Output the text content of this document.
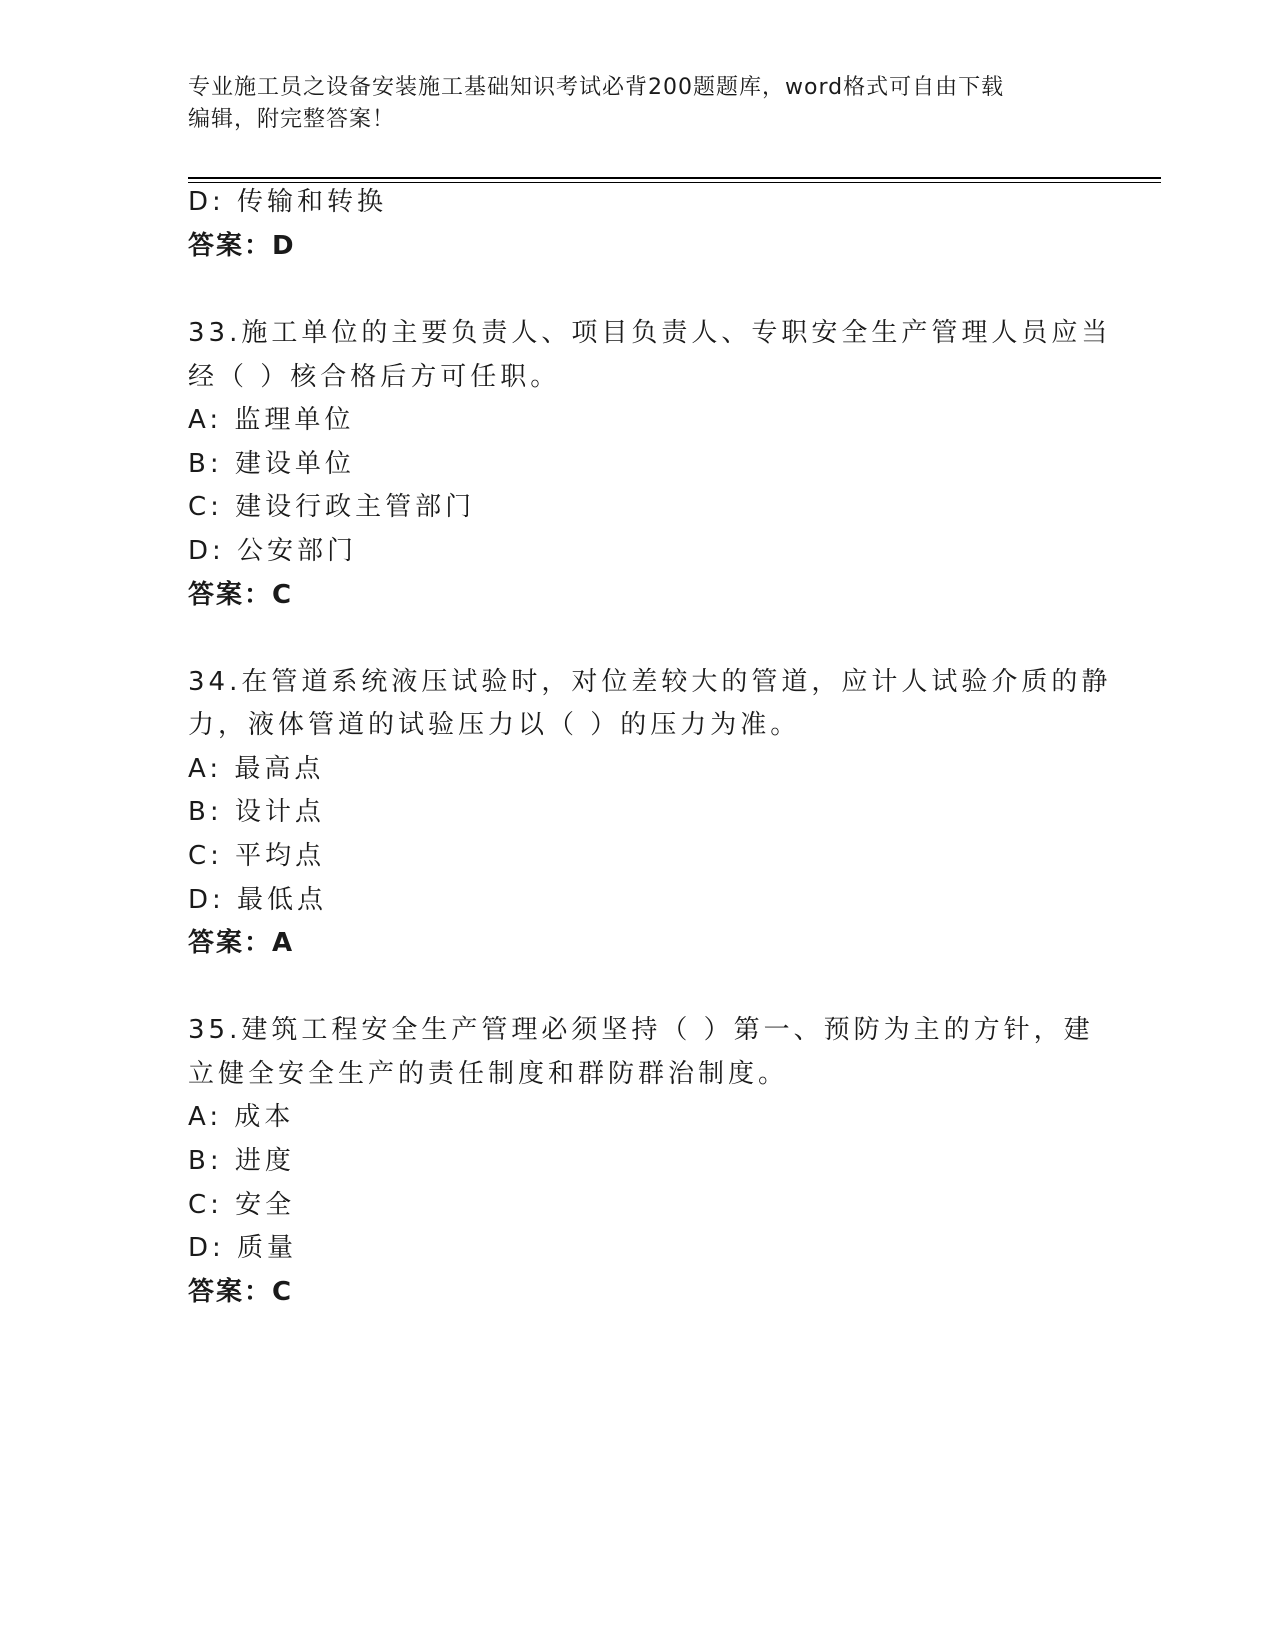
专业施工员之设备安装施工基础知识考试必背200题题库，word格式可自由下载
编辑，附完整答案！
D: 传输和转换
答案：D
33.施工单位的主要负责人、项目负责人、专职安全生产管理人员应当
经（ ）核合格后方可任职。
A: 监理单位
B: 建设单位
C: 建设行政主管部门
D: 公安部门
答案：C
34.在管道系统液压试验时，对位差较大的管道，应计人试验介质的静
力，液体管道的试验压力以（ ）的压力为准。
A: 最高点
B: 设计点
C: 平均点
D: 最低点
答案：A
35.建筑工程安全生产管理必须坚持（ ）第一、预防为主的方针，建
立健全安全生产的责任制度和群防群治制度。
A: 成本
B: 进度
C: 安全
D: 质量
答案：C
